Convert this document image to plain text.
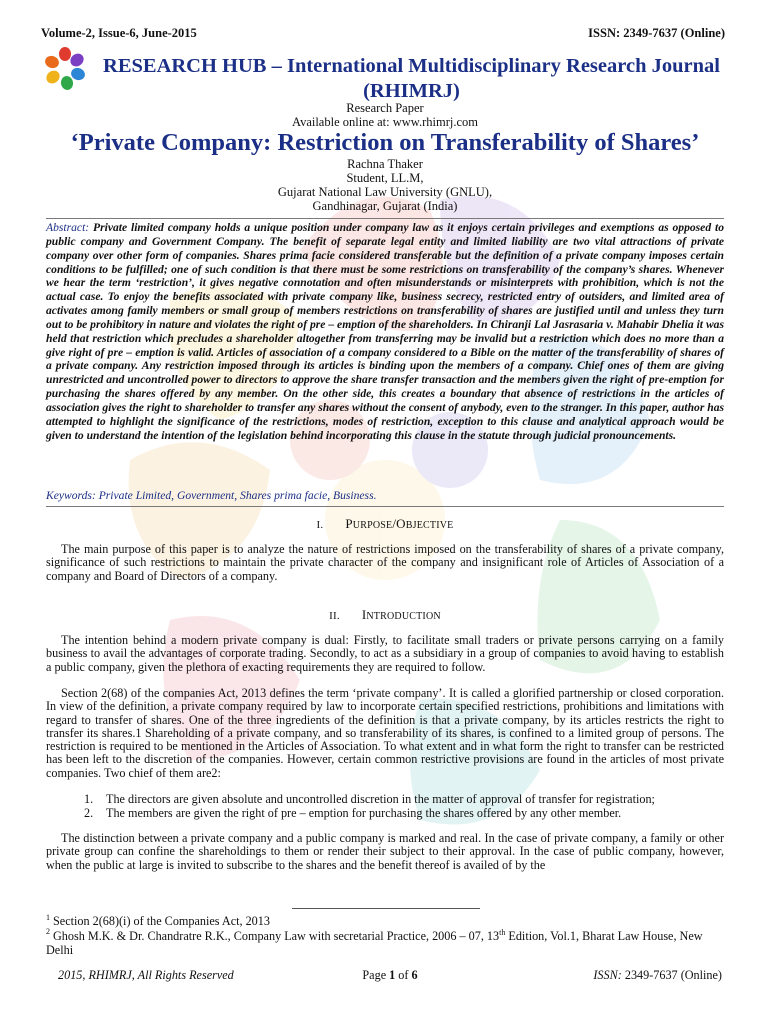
Volume-2, Issue-6, June-2015	ISSN: 2349-7637 (Online)
RESEARCH HUB – International Multidisciplinary Research Journal
(RHIMRJ)
Research Paper
Available online at: www.rhimrj.com
‘Private Company: Restriction on Transferability of Shares’
Rachna Thaker
Student, LL.M,
Gujarat National Law University (GNLU),
Gandhinagar, Gujarat (India)
Abstract: Private limited company holds a unique position under company law as it enjoys certain privileges and exemptions as opposed to public company and Government Company. The benefit of separate legal entity and limited liability are two vital attractions of private company over other form of companies. Shares prima facie considered transferable but the definition of a private company imposes certain conditions to be fulfilled; one of such condition is that there must be some restrictions on transferability of the company’s shares. Whenever we hear the term ‘restriction’, it gives negative connotation and often misunderstands or misinterprets with prohibition, which is not the actual case. To enjoy the benefits associated with private company like, business secrecy, restricted entry of outsiders, and limited area of activates among family members or small group of members restrictions on transferability of shares are justified until and unless they turn out to be prohibitory in nature and violates the right of pre – emption of the shareholders. In Chiranji Lal Jasrasaria v. Mahabir Dhelia it was held that restriction which precludes a shareholder altogether from transferring may be invalid but a restriction which does no more than a give right of pre – emption is valid. Articles of association of a company considered to a Bible on the matter of the transferability of shares of a private company. Any restriction imposed through its articles is binding upon the members of a company. Chief ones of them are giving unrestricted and uncontrolled power to directors to approve the share transfer transaction and the members given the right of pre-emption for purchasing the shares offered by any member. On the other side, this creates a boundary that absence of restrictions in the articles of association gives the right to shareholder to transfer any shares without the consent of anybody, even to the stranger. In this paper, author has attempted to highlight the significance of the restrictions, modes of restriction, exception to this clause and analytical approach would be given to understand the intention of the legislation behind incorporating this clause in the statute through judicial pronouncements.
Keywords: Private Limited, Government, Shares prima facie, Business.
I. PURPOSE/OBJECTIVE
The main purpose of this paper is to analyze the nature of restrictions imposed on the transferability of shares of a private company, significance of such restrictions to maintain the private character of the company and insignificant role of Articles of Association of a company and Board of Directors of a company.
II. INTRODUCTION
The intention behind a modern private company is dual: Firstly, to facilitate small traders or private persons carrying on a family business to avail the advantages of corporate trading. Secondly, to act as a subsidiary in a group of companies to avoid having to establish a public company, given the plethora of exacting requirements they are required to follow.
Section 2(68) of the companies Act, 2013 defines the term ‘private company’. It is called a glorified partnership or closed corporation. In view of the definition, a private company required by law to incorporate certain specified restrictions, prohibitions and limitations with regard to transfer of shares. One of the three ingredients of the definition is that a private company, by its articles restricts the right to transfer its shares.1 Shareholding of a private company, and so transferability of its shares, is confined to a limited group of persons. The restriction is required to be mentioned in the Articles of Association. To what extent and in what form the right to transfer can be restricted has been left to the discretion of the companies. However, certain common restrictive provisions are found in the articles of most private companies. Two chief of them are2:
1.	The directors are given absolute and uncontrolled discretion in the matter of approval of transfer for registration;
2.	The members are given the right of pre – emption for purchasing the shares offered by any other member.
The distinction between a private company and a public company is marked and real. In the case of private company, a family or other private group can confine the shareholdings to them or render their subject to their approval. In the case of public company, however, when the public at large is invited to subscribe to the shares and the benefit thereof is availed of by the
$^1$ Section 2(68)(i) of the Companies Act, 2013
$^2$ Ghosh M.K. & Dr. Chandratre R.K., Company Law with secretarial Practice, 2006 – 07, 13th Edition, Vol.1, Bharat Law House, New Delhi
2015, RHIMRJ, All Rights Reserved	Page 1 of 6	ISSN: 2349-7637 (Online)
